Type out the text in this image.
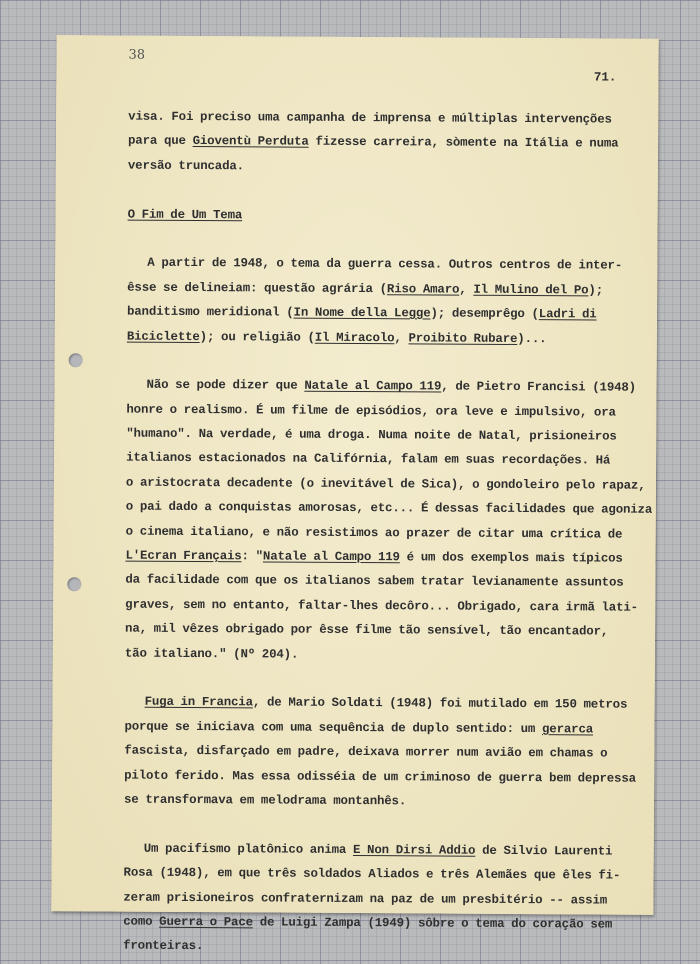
38
71.
visa. Foi preciso uma campanha de imprensa e múltiplas intervenções
para que Gioventù Perduta fizesse carreira, sòmente na Itália e numa
versão truncada.
O Fim de Um Tema
A partir de 1948, o tema da guerra cessa. Outros centros de inter-
êsse se delineiam: questão agrária (Riso Amaro, Il Mulino del Po);
banditismo meridional (In Nome della Legge); desemprêgo (Ladri di
Biciclette); ou religião (Il Miracolo, Proibito Rubare)...
Não se pode dizer que Natale al Campo 119, de Pietro Francisi (1948)
honre o realismo. É um filme de episódios, ora leve e impulsivo, ora
"humano". Na verdade, é uma droga. Numa noite de Natal, prisioneiros
italianos estacionados na Califórnia, falam em suas recordações. Há
o aristocrata decadente (o inevitável de Sica), o gondoleiro pelo rapaz,
o pai dado a conquistas amorosas, etc... É dessas facilidades que agoniza
o cinema italiano, e não resistimos ao prazer de citar uma crítica de
L'Ecran Français: "Natale al Campo 119 é um dos exemplos mais típicos
da facilidade com que os italianos sabem tratar levianamente assuntos
graves, sem no entanto, faltar-lhes decôro... Obrigado, cara irmã lati-
na, mil vêzes obrigado por êsse filme tão sensível, tão encantador,
tão italiano." (Nº 204).
Fuga in Francia, de Mario Soldati (1948) foi mutilado em 150 metros
porque se iniciava com uma sequência de duplo sentido: um gerarca
fascista, disfarçado em padre, deixava morrer num avião em chamas o
piloto ferido. Mas essa odisséia de um criminoso de guerra bem depressa
se transformava em melodrama montanhês.
Um pacifismo platônico anima E Non Dirsi Addio de Silvio Laurenti
Rosa (1948), em que três soldados Aliados e três Alemães que êles fi-
zeram prisioneiros confraternizam na paz de um presbitério -- assim
como Guerra o Pace de Luigi Zampa (1949) sôbre o tema do coração sem
fronteiras.
